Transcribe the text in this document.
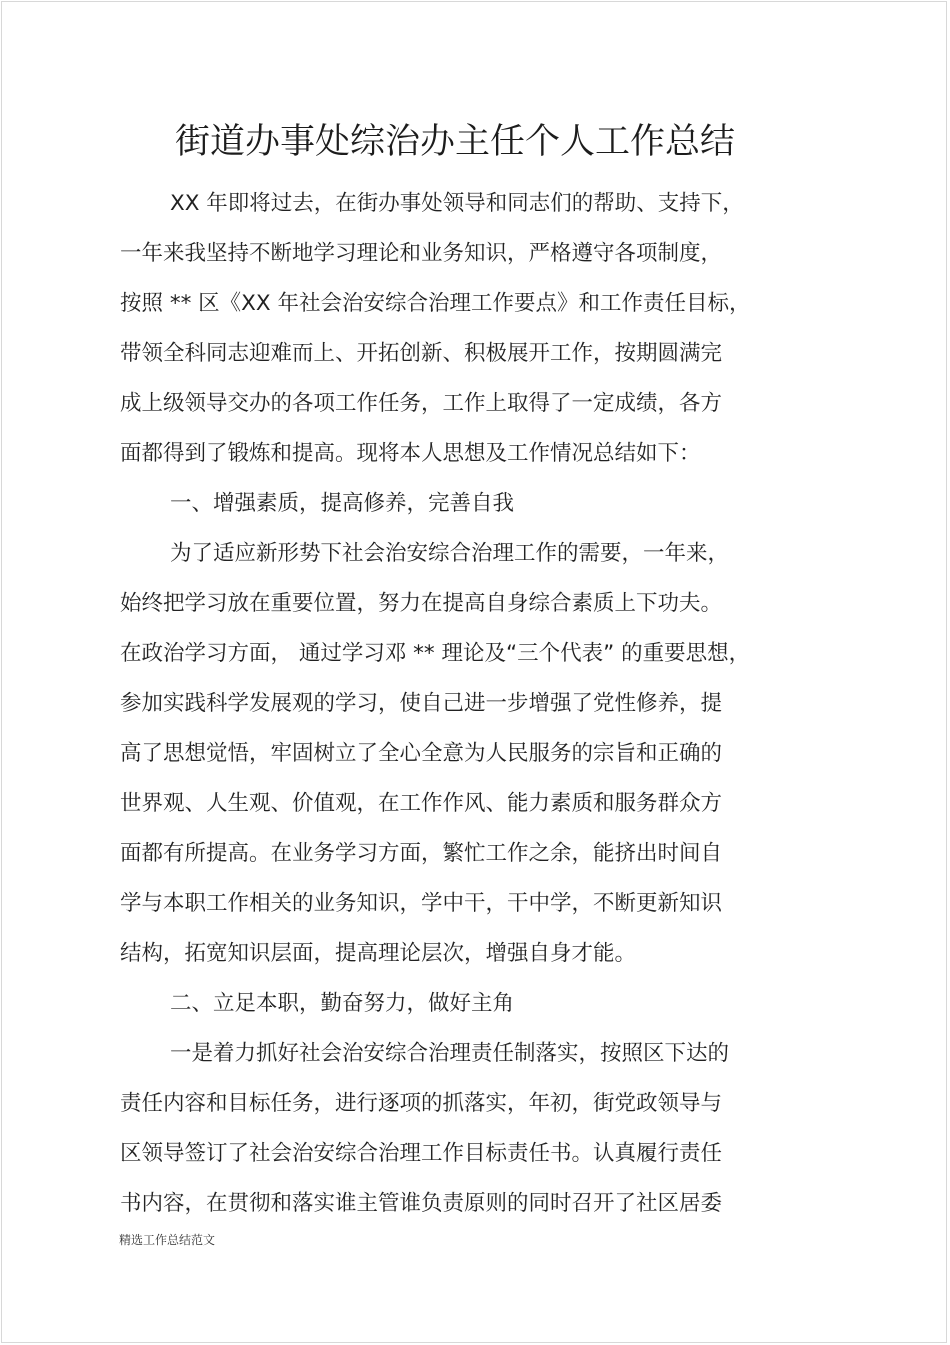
街道办事处综治办主任个人工作总结
XX 年即将过去，在街办事处领导和同志们的帮助、支持下，
一年来我坚持不断地学习理论和业务知识，严格遵守各项制度，
按照 ** 区《XX 年社会治安综合治理工作要点》和工作责任目标，
带领全科同志迎难而上、开拓创新、积极展开工作，按期圆满完
成上级领导交办的各项工作任务，工作上取得了一定成绩，各方
面都得到了锻炼和提高。现将本人思想及工作情况总结如下：
一、增强素质，提高修养，完善自我
为了适应新形势下社会治安综合治理工作的需要，一年来，
始终把学习放在重要位置，努力在提高自身综合素质上下功夫。
在政治学习方面， 通过学习邓 ** 理论及“三个代表” 的重要思想，
参加实践科学发展观的学习，使自己进一步增强了党性修养，提
高了思想觉悟，牢固树立了全心全意为人民服务的宗旨和正确的
世界观、人生观、价值观，在工作作风、能力素质和服务群众方
面都有所提高。在业务学习方面，繁忙工作之余，能挤出时间自
学与本职工作相关的业务知识，学中干，干中学，不断更新知识
结构，拓宽知识层面，提高理论层次，增强自身才能。
二、立足本职，勤奋努力，做好主角
一是着力抓好社会治安综合治理责任制落实，按照区下达的
责任内容和目标任务，进行逐项的抓落实，年初，街党政领导与
区领导签订了社会治安综合治理工作目标责任书。认真履行责任
书内容，在贯彻和落实谁主管谁负责原则的同时召开了社区居委
精选工作总结范文
